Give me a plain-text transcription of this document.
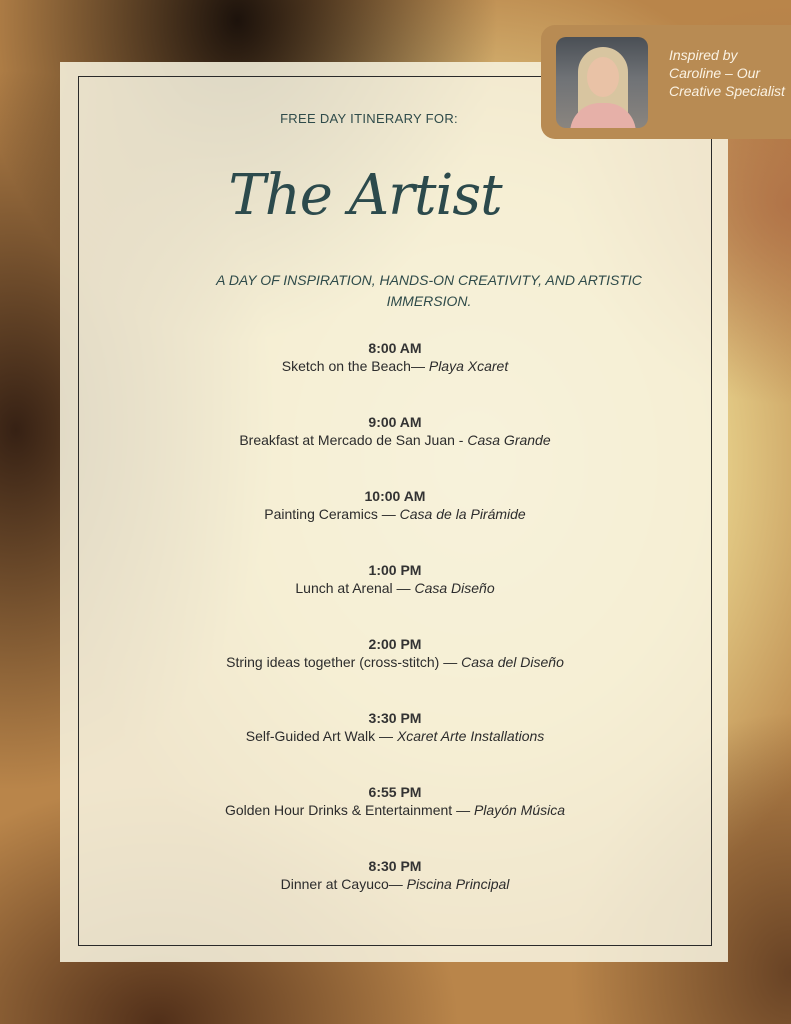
FREE DAY ITINERARY FOR:
The Artist
A DAY OF INSPIRATION, HANDS-ON CREATIVITY, AND ARTISTIC IMMERSION.
8:00 AM
Sketch on the Beach— Playa Xcaret
9:00 AM
Breakfast at Mercado de San Juan - Casa Grande
10:00 AM
Painting Ceramics — Casa de la Pirámide
1:00 PM
Lunch at Arenal — Casa Diseño
2:00 PM
String ideas together (cross-stitch) — Casa del Diseño
3:30 PM
Self-Guided Art Walk — Xcaret Arte Installations
6:55 PM
Golden Hour Drinks & Entertainment — Playón Música
8:30 PM
Dinner at Cayuco— Piscina Principal
Inspired by Caroline – Our Creative Specialist
